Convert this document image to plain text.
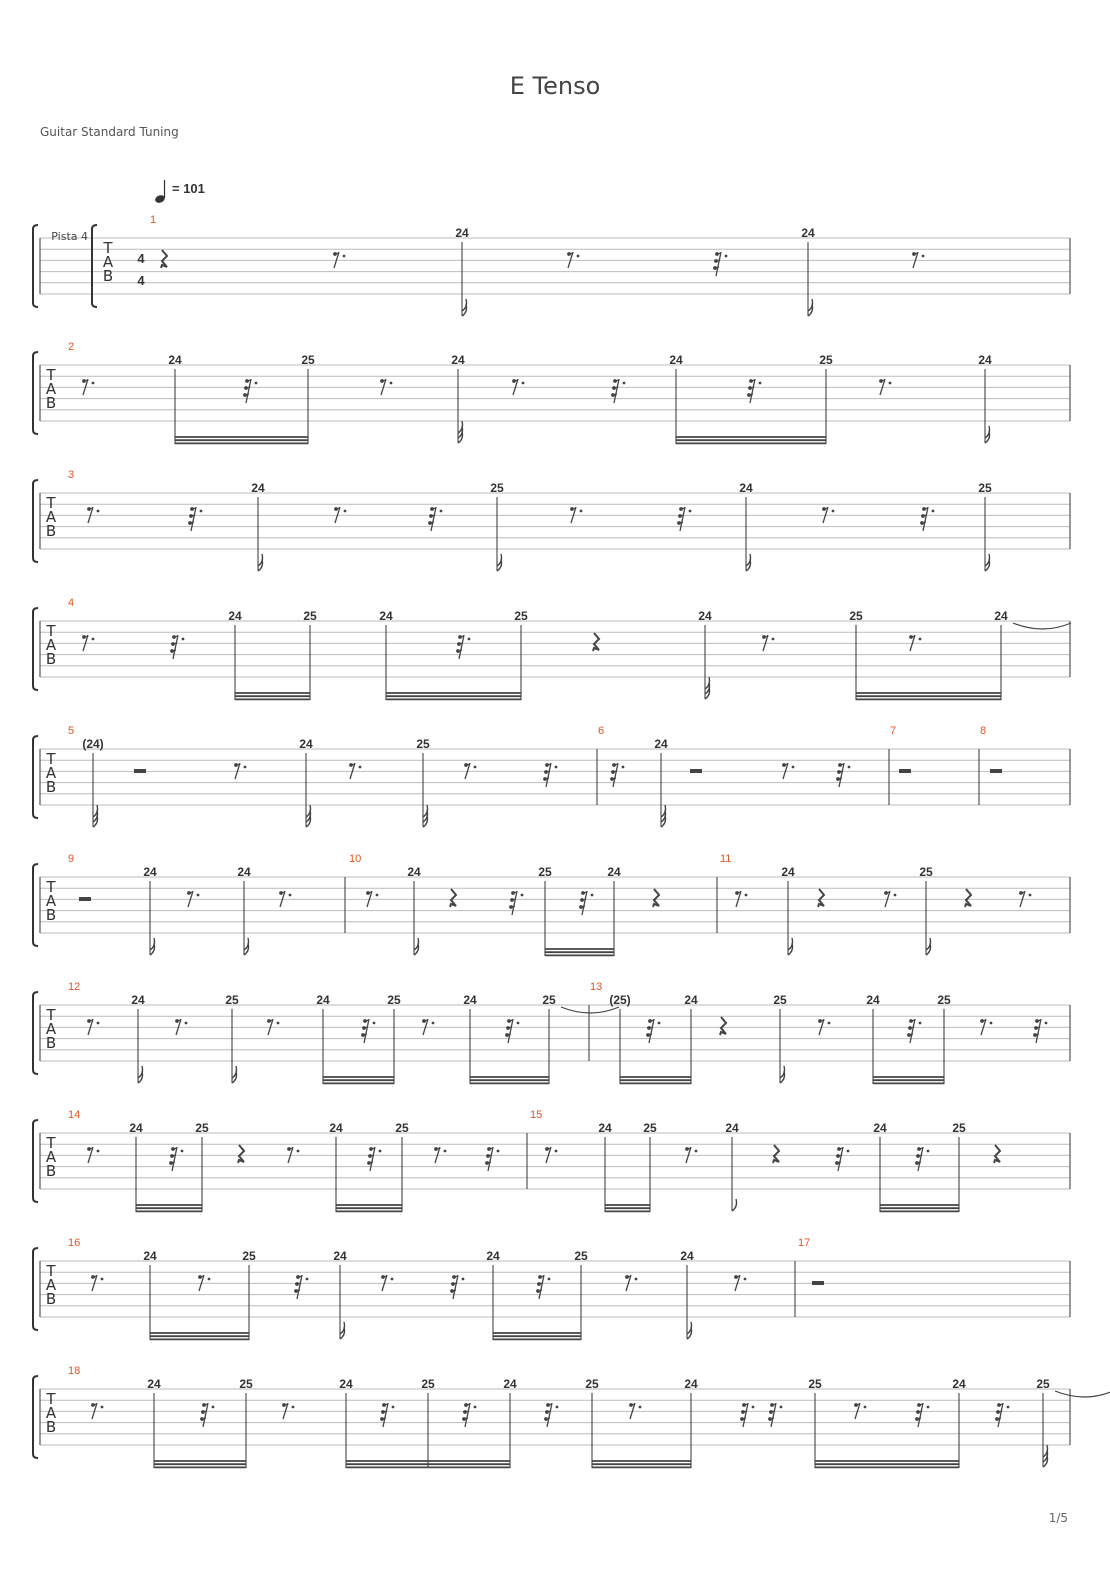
E Tenso
Guitar Standard Tuning
1/5
= 101
T
A
B
Pista 4
4
4
1
24	24
T
A
B
2
24	25	24	24	25	24
T
A
B
3
24	25	24	25
T
A
B
4
24	25	24	25	24	25	24
T
A
B
5	6	7	8
(24)	24	25	24
T
A
B
9	10	11
24	24	24	25	24	24	25
T
A
B
12	13
24	25	24	25	24	25	(25)	24	25	24	25
T
A
B
14	15
24	25	24	25	24	25	24	24	25
T
A
B
16	17
24	25	24	24	25	24
T
A
B
18
24	25	24	25	24	25	24	25	24	25
